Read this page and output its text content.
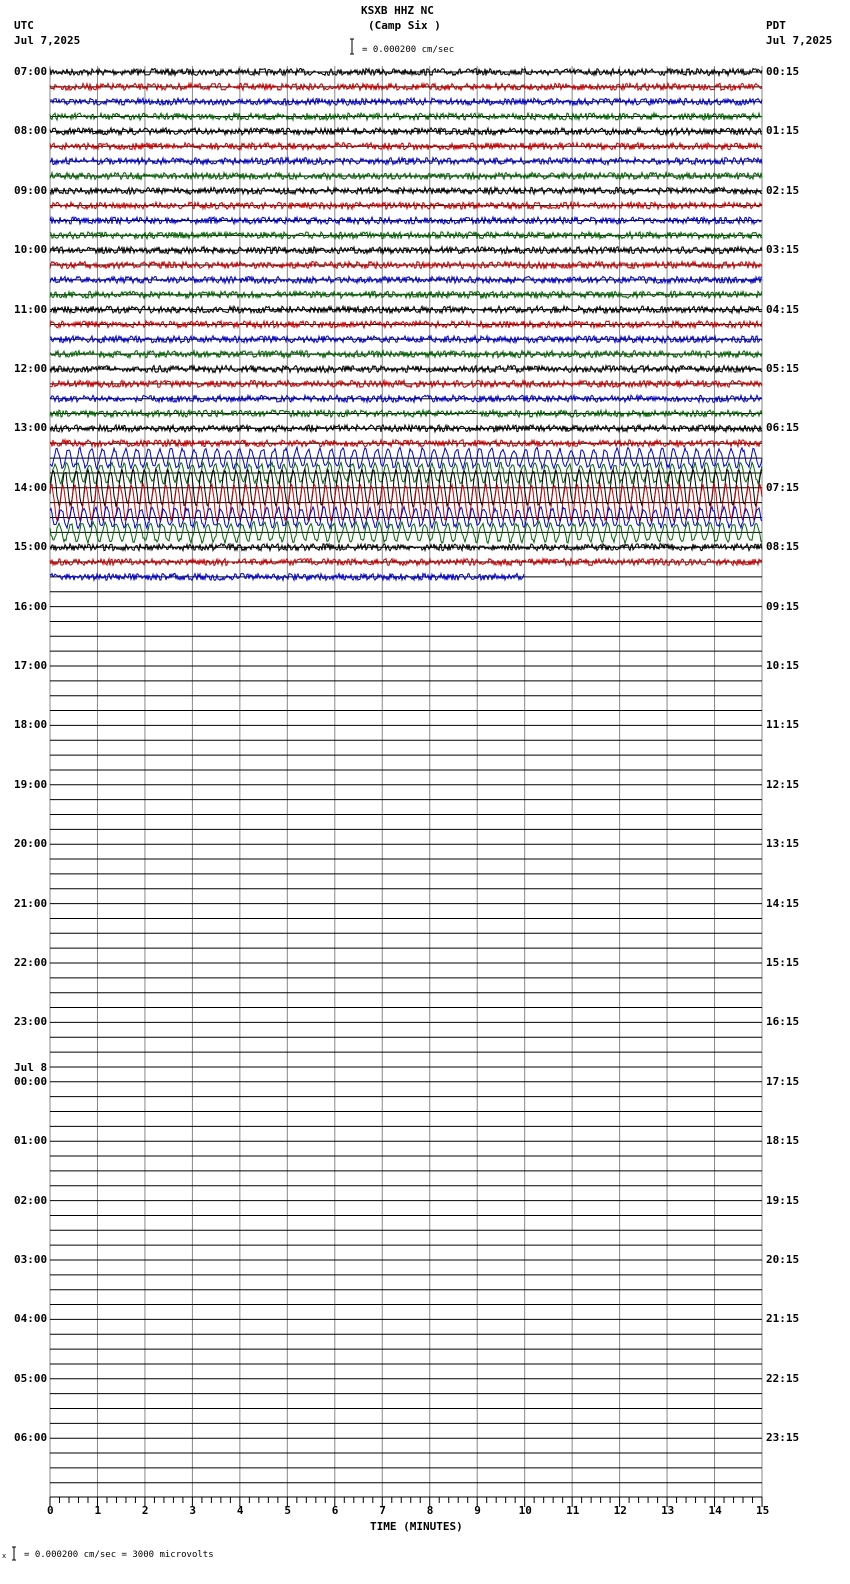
KSXB HHZ NC
(Camp Six )
UTC
Jul 7,2025
PDT
Jul 7,2025
= 0.000200 cm/sec
TIME (MINUTES)
x = 0.000200 cm/sec = 3000 microvolts
0	1	2	3	4	5	6	7	8	9	10	11	12	13	14	15
07:00
08:00
09:00
10:00
11:00
12:00
13:00
14:00
15:00
16:00
17:00
18:00
19:00
20:00
21:00
22:00
23:00
00:00
Jul 8
01:00
02:00
03:00
04:00
05:00
06:00
00:15
01:15
02:15
03:15
04:15
05:15
06:15
07:15
08:15
09:15
10:15
11:15
12:15
13:15
14:15
15:15
16:15
17:15
18:15
19:15
20:15
21:15
22:15
23:15
